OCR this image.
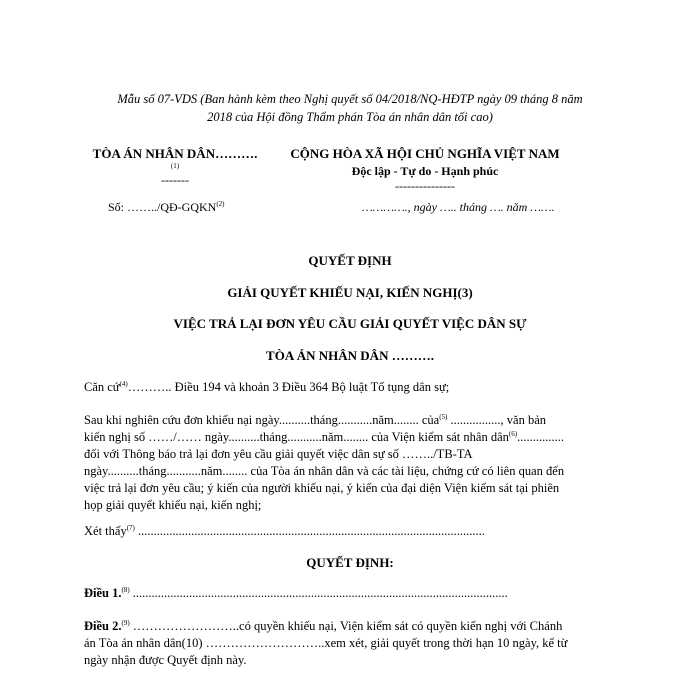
Mẫu số 07-VDS (Ban hành kèm theo Nghị quyết số 04/2018/NQ-HĐTP ngày 09 tháng 8 năm
2018 của Hội đồng Thẩm phán Tòa án nhân dân tối cao)
TÒA ÁN NHÂN DÂN……….
(1)
-------
Số: ……../QĐ-GQKN$^{(2)}$
CỘNG HÒA XÃ HỘI CHỦ NGHĨA VIỆT NAM
Độc lập - Tự do - Hạnh phúc
---------------
…………., ngày ….. tháng …. năm …….
QUYẾT ĐỊNH
GIẢI QUYẾT KHIẾU NẠI, KIẾN NGHỊ(3)
VIỆC TRẢ LẠI ĐƠN YÊU CẦU GIẢI QUYẾT VIỆC DÂN SỰ
TÒA ÁN NHÂN DÂN ……….
Căn cứ$^{(4)}$……….. Điều 194 và khoản 3 Điều 364 Bộ luật Tố tụng dân sự;
Sau khi nghiên cứu đơn khiếu nại ngày..........tháng...........năm........ của$^{(5)}$ ................, văn bản
kiến nghị số ……/…… ngày..........tháng...........năm........ của Viện kiểm sát nhân dân$^{(6)}$...............
đối với Thông báo trả lại đơn yêu cầu giải quyết việc dân sự số ……../TB-TA
ngày..........tháng...........năm........ của Tòa án nhân dân và các tài liệu, chứng cứ có liên quan đến
việc trả lại đơn yêu cầu; ý kiến của người khiếu nại, ý kiến của đại diện Viện kiểm sát tại phiên
họp giải quyết khiếu nại, kiến nghị;
Xét thấy$^{(7)}$ ...............................................................................................................
QUYẾT ĐỊNH:
Điều 1.$^{(8)}$ ........................................................................................................................
Điều 2.$^{(9)}$ ……………………..có quyền khiếu nại, Viện kiểm sát có quyền kiến nghị với Chánh
án Tòa án nhân dân(10) ………………………..xem xét, giải quyết trong thời hạn 10 ngày, kể từ
ngày nhận được Quyết định này.
